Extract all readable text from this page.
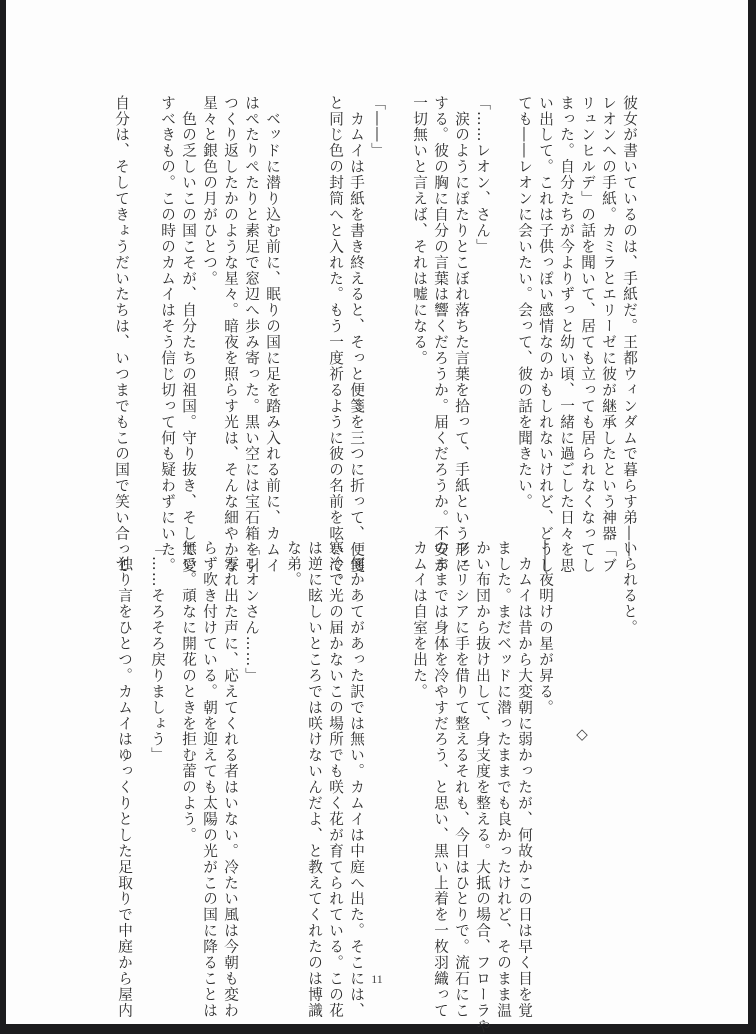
彼女が書いているのは、手紙だ。王都ウィンダムで暮らす弟――
レオンへの手紙。カミラとエリーゼに彼が継承したという神器「ブ
リュンヒルデ」の話を聞いて、居ても立っても居られなくなってし
まった。自分たちが今よりずっと幼い頃、一緒に過ごした日々を思
い出して。これは子供っぽい感情なのかもしれないけれど、どうし
ても――レオンに会いたい。会って、彼の話を聞きたい。
「……レオン、さん」
　涙のようにぽたりとこぼれ落ちた言葉を拾って、手紙という形に
する。彼の胸に自分の言葉は響くだろうか。届くだろうか。不安が
一切無いと言えば、それは嘘になる。
「――」
　カムイは手紙を書き終えると、そっと便箋を三つに折って、便箋
と同じ色の封筒へと入れた。もう一度祈るように彼の名前を呟いて。
　ベッドに潜り込む前に、眠りの国に足を踏み入れる前に、カムイ
はぺたりぺたりと素足で窓辺へ歩み寄った。黒い空には宝石箱を引
つくり返したかのような星々。暗夜を照らす光は、そんな細やかな
星々と銀色の月がひとつ。
　色の乏しいこの国こそが、自分たちの祖国。守り抜き、そして愛
すべきもの。この時のカムイはそう信じ切って何も疑わずにいた。
自分は、そしてきょうだいたちは、いつまでもこの国で笑い合って
いられると。
◇
――夜明けの星が昇る。
　カムイは昔から大変朝に弱かったが、何故かこの日は早く目を覚
ました。まだベッドに潜ったままでも良かったけれど、そのまま温
かい布団から抜け出して、身支度を整える。大抵の場合、フローラや
フェリシアに手を借りて整えるそれも、今日はひとりで。流石にこ
のままでは身体を冷やすだろう、と思い、黒い上着を一枚羽織って
カムイは自室を出た。
　何かあてがあった訳では無い。カムイは中庭へ出た。そこには、
寒冷で光の届かないこの場所でも咲く花が育てられている。この花
は逆に眩しいところでは咲けないんだよ、と教えてくれたのは博識
な弟。
「レオンさん……」
　零れ出た声に、応えてくれる者はいない。冷たい風は今朝も変わ
らず吹き付けている。朝を迎えても太陽の光がこの国に降ることは
無い。頑なに開花のときを拒む蕾のよう。
「……そろそろ戻りましょう」
　独り言をひとつ。カムイはゆっくりとした足取りで中庭から屋内	11
